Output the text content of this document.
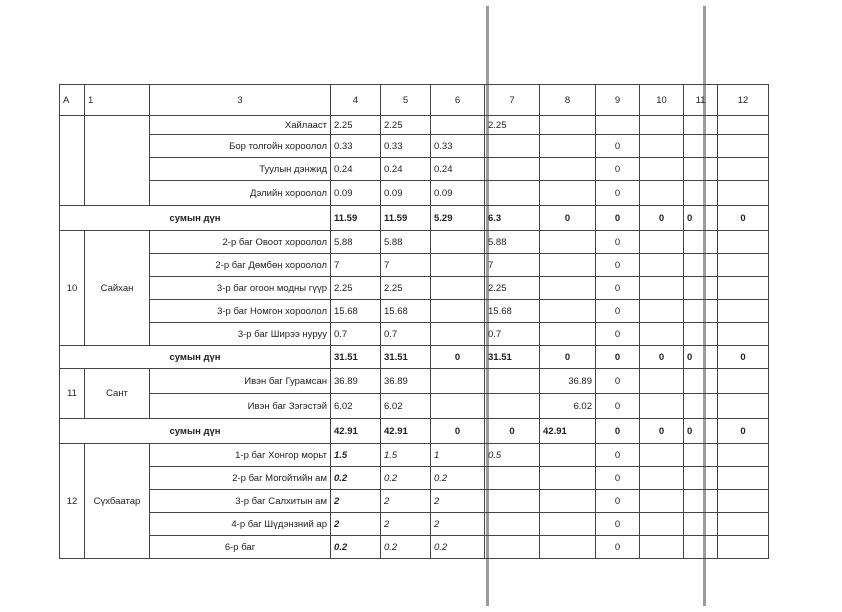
А	1	3	4	5	6	7	8	9	10	11	12
		Хайлааст	2.25	2.25		2.25					
		Бор толгойн хороолол	0.33	0.33	0.33			0			
		Туулын дэнжид	0.24	0.24	0.24			0			
		Дэлийн хороолол	0.09	0.09	0.09			0			
сумын дүн			11.59	11.59	5.29	6.3	0	0	0	0	0
10	Сайхан	2-р баг Овоот хороолол	5.88	5.88		5.88		0			
		2-р баг Дөмбөн хороолол	7	7		7		0			
		3-р баг огоон модны гүүр	2.25	2.25		2.25		0			
		3-р баг Номгон хороолол	15.68	15.68		15.68		0			
		3-р баг Ширээ нуруу	0.7	0.7		0.7		0			
сумын дүн			31.51	31.51	0	31.51	0	0	0	0	0
11	Сант	Ивэн баг Гурамсан	36.89	36.89			36.89	0			
		Ивэн баг Зэгэстэй	6.02	6.02			6.02	0			
сумын дүн			42.91	42.91	0	0	42.91	0	0	0	0
12	Сүхбаатар	1-р баг Хонгор морьт	1.5	1.5	1	0.5		0			
		2-р баг Могойтийн ам	0.2	0.2	0.2			0			
		3-р баг Салхитын ам	2	2	2			0			
		4-р баг Шүдэнзний ар	2	2	2			0			
		6-р баг	0.2	0.2	0.2			0			
